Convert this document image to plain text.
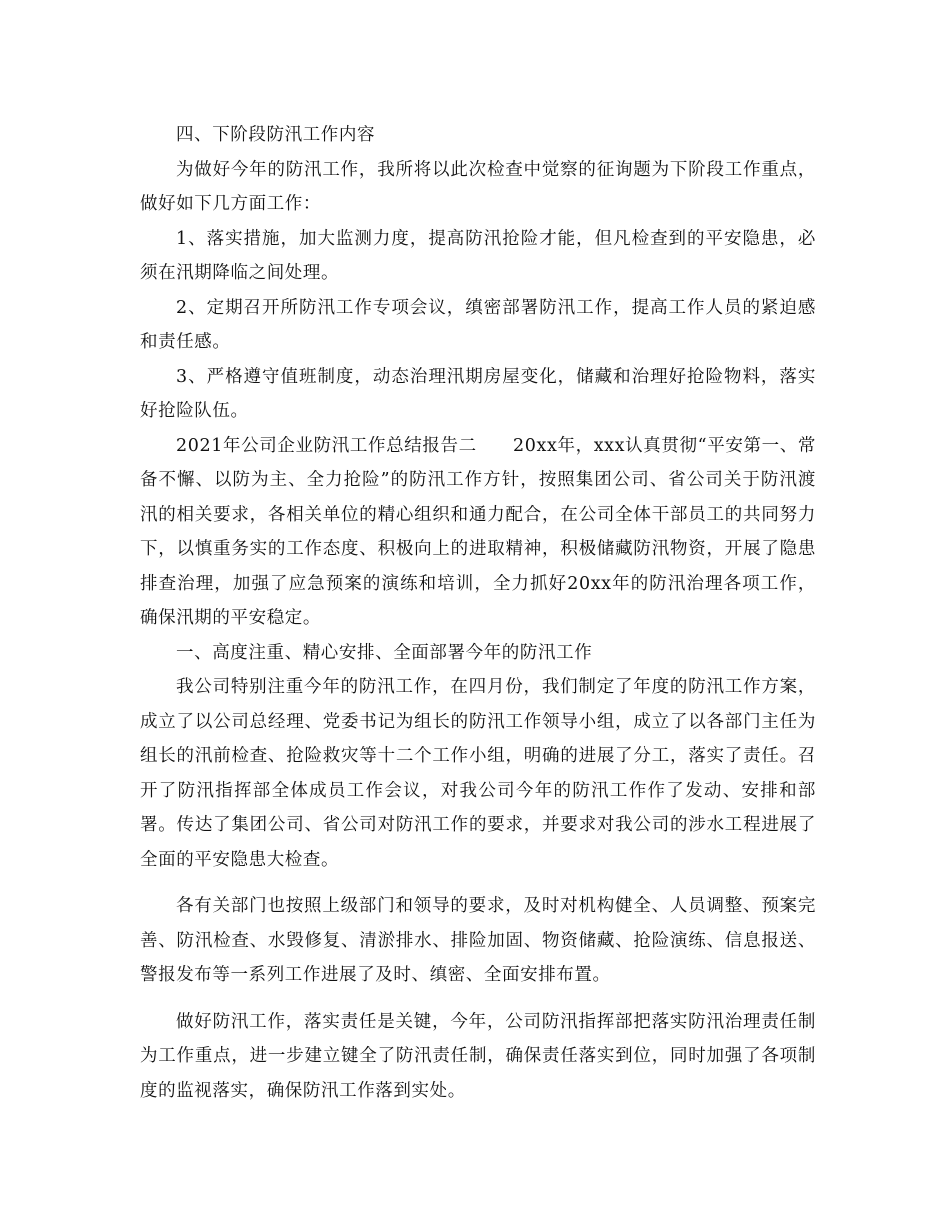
四、下阶段防汛工作内容

为做好今年的防汛工作，我所将以此次检查中觉察的征询题为下阶段工作重点，做好如下几方面工作：

1、落实措施，加大监测力度，提高防汛抢险才能，但凡检查到的平安隐患，必须在汛期降临之间处理。

2、定期召开所防汛工作专项会议，缜密部署防汛工作，提高工作人员的紧迫感和责任感。

3、严格遵守值班制度，动态治理汛期房屋变化，储藏和治理好抢险物料，落实好抢险队伍。

2021年公司企业防汛工作总结报告二　　20xx年，xxx认真贯彻“平安第一、常备不懈、以防为主、全力抢险”的防汛工作方针，按照集团公司、省公司关于防汛渡汛的相关要求，各相关单位的精心组织和通力配合，在公司全体干部员工的共同努力下，以慎重务实的工作态度、积极向上的进取精神，积极储藏防汛物资，开展了隐患排查治理，加强了应急预案的演练和培训，全力抓好20xx年的防汛治理各项工作，确保汛期的平安稳定。

一、高度注重、精心安排、全面部署今年的防汛工作

我公司特别注重今年的防汛工作，在四月份，我们制定了年度的防汛工作方案，成立了以公司总经理、党委书记为组长的防汛工作领导小组，成立了以各部门主任为组长的汛前检查、抢险救灾等十二个工作小组，明确的进展了分工，落实了责任。召开了防汛指挥部全体成员工作会议，对我公司今年的防汛工作作了发动、安排和部署。传达了集团公司、省公司对防汛工作的要求，并要求对我公司的涉水工程进展了全面的平安隐患大检查。

各有关部门也按照上级部门和领导的要求，及时对机构健全、人员调整、预案完善、防汛检查、水毁修复、清淤排水、排险加固、物资储藏、抢险演练、信息报送、警报发布等一系列工作进展了及时、缜密、全面安排布置。

做好防汛工作，落实责任是关键，今年，公司防汛指挥部把落实防汛治理责任制为工作重点，进一步建立键全了防汛责任制，确保责任落实到位，同时加强了各项制度的监视落实，确保防汛工作落到实处。
